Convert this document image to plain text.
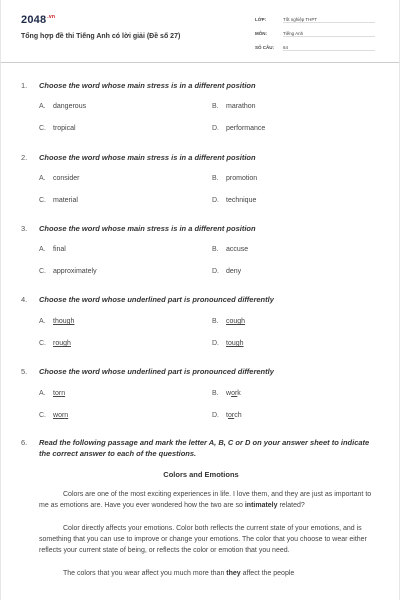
$2048^{.vn}$
Tổng hợp đề thi Tiếng Anh có lời giải (Đề số 27)
LỚP:	Tốt nghiệp THPT
MÔN:	Tiếng Anh
SỐ CÂU: 64
1. Choose the word whose main stress is in a different position
A. dangerous	B. marathon
C. tropical	D. performance
2. Choose the word whose main stress is in a different position
A. consider	B. promotion
C. material	D. technique
3. Choose the word whose main stress is in a different position
A. final	B. accuse
C. approximately	D. deny
4. Choose the word whose underlined part is pronounced differently
A. though	B. cough
C. rough	D. tough
5. Choose the word whose underlined part is pronounced differently
A. torn	B. work
C. worn	D. torch
6.	Read the following passage and mark the letter A, B, C or D on your answer sheet to indicate the correct answer to each of the questions.
Colors and Emotions

Colors are one of the most exciting experiences in life. I love them, and they are just as important to me as emotions are. Have you ever wondered how the two are so intimately related?

Color directly affects your emotions. Color both reflects the current state of your emotions, and is something that you can use to improve or change your emotions. The color that you choose to wear either reflects your current state of being, or reflects the color or emotion that you need.

The colors that you wear affect you much more than they affect the people
